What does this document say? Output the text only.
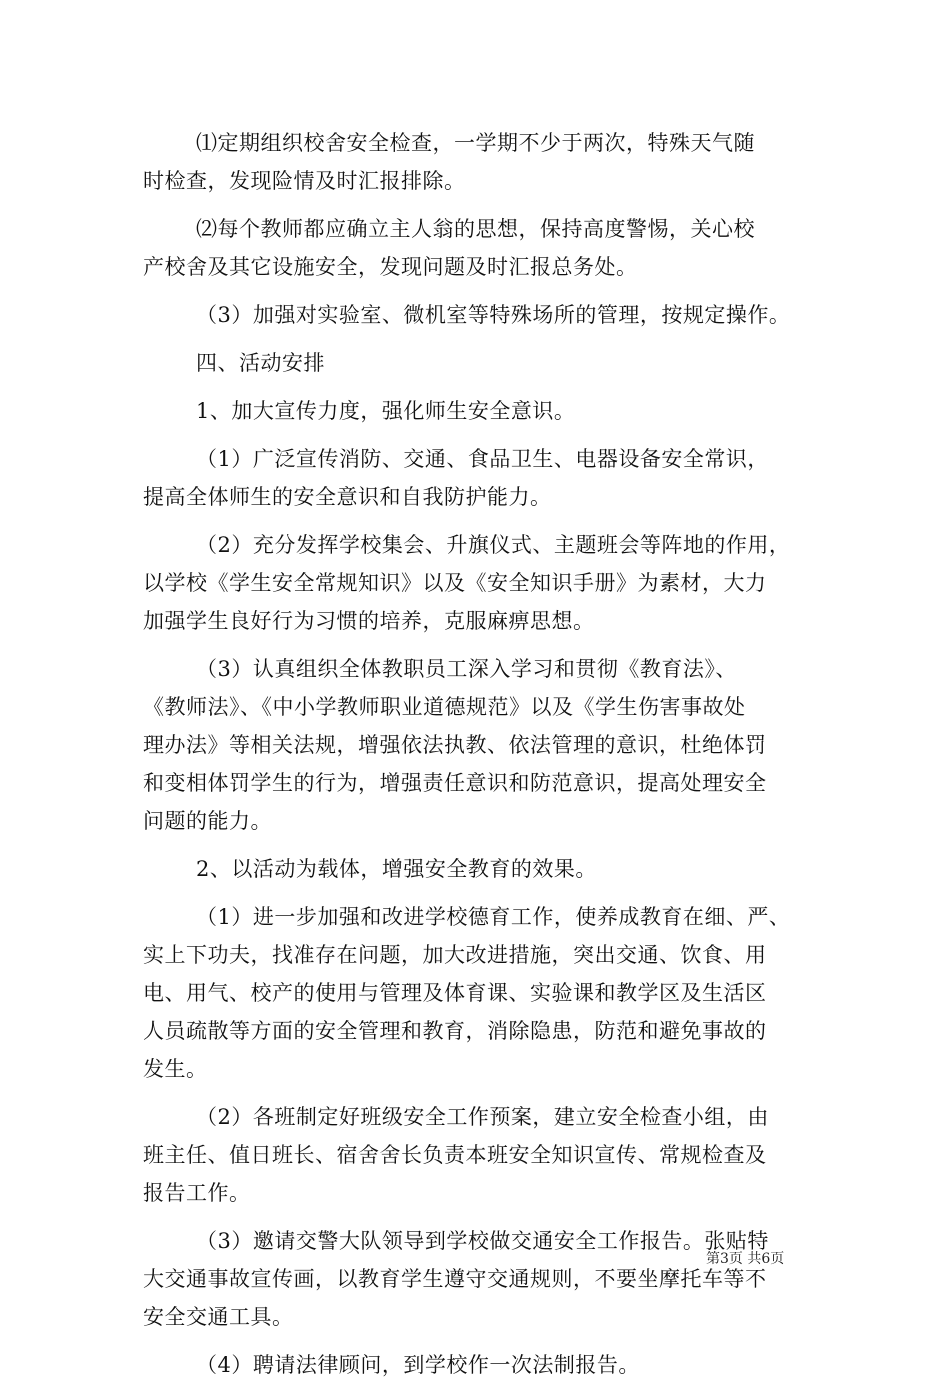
⑴定期组织校舍安全检查，一学期不少于两次，特殊天气随
时检查，发现险情及时汇报排除。

⑵每个教师都应确立主人翁的思想，保持高度警惕，关心校
产校舍及其它设施安全，发现问题及时汇报总务处。

（3）加强对实验室、微机室等特殊场所的管理，按规定操作。

四、活动安排

1、加大宣传力度，强化师生安全意识。

（1）广泛宣传消防、交通、食品卫生、电器设备安全常识，
提高全体师生的安全意识和自我防护能力。

（2）充分发挥学校集会、升旗仪式、主题班会等阵地的作用，
以学校《学生安全常规知识》以及《安全知识手册》为素材，大力
加强学生良好行为习惯的培养，克服麻痹思想。

（3）认真组织全体教职员工深入学习和贯彻《教育法》、
《教师法》、《中小学教师职业道德规范》以及《学生伤害事故处
理办法》等相关法规，增强依法执教、依法管理的意识，杜绝体罚
和变相体罚学生的行为，增强责任意识和防范意识，提高处理安全
问题的能力。

2、以活动为载体，增强安全教育的效果。

（1）进一步加强和改进学校德育工作，使养成教育在细、严、
实上下功夫，找准存在问题，加大改进措施，突出交通、饮食、用
电、用气、校产的使用与管理及体育课、实验课和教学区及生活区
人员疏散等方面的安全管理和教育，消除隐患，防范和避免事故的
发生。

（2）各班制定好班级安全工作预案，建立安全检查小组，由
班主任、值日班长、宿舍舍长负责本班安全知识宣传、常规检查及
报告工作。

（3）邀请交警大队领导到学校做交通安全工作报告。张贴特
大交通事故宣传画，以教育学生遵守交通规则，不要坐摩托车等不
安全交通工具。

（4）聘请法律顾问，到学校作一次法制报告。

第3页 共6页
